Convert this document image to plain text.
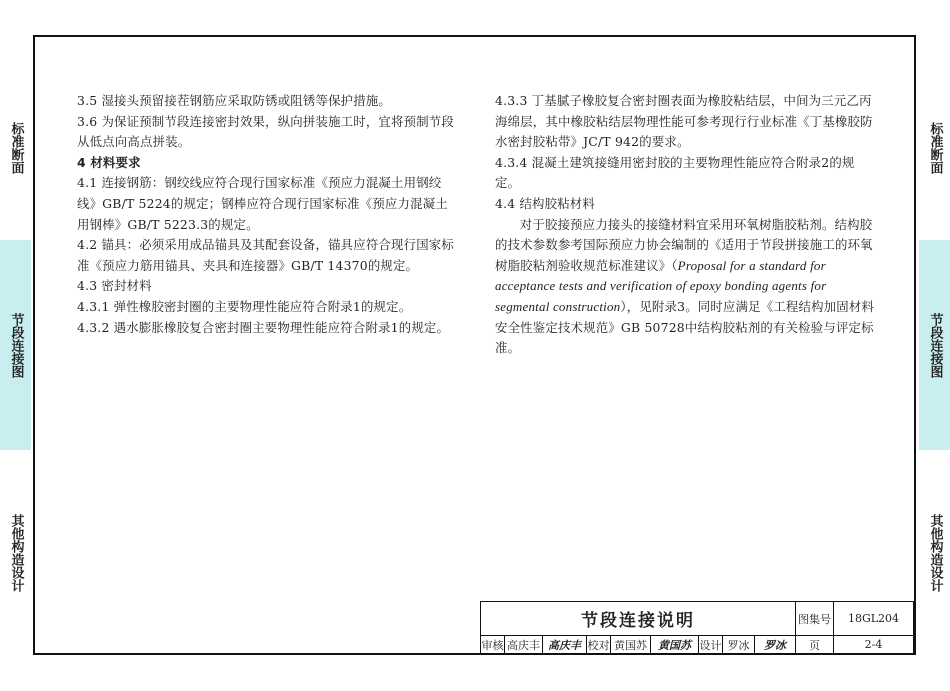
标准断面
节段连接图
其他构造设计
标准断面
节段连接图
其他构造设计

3.5 湿接头预留接茬钢筋应采取防锈或阻锈等保护措施。

3.6 为保证预制节段连接密封效果，纵向拼装施工时，宜将预制节段从低点向高点拼装。

4 材料要求

4.1 连接钢筋：钢绞线应符合现行国家标准《预应力混凝土用钢绞线》GB/T 5224的规定；钢棒应符合现行国家标准《预应力混凝土用钢棒》GB/T 5223.3的规定。

4.2 锚具：必须采用成品锚具及其配套设备，锚具应符合现行国家标准《预应力筋用锚具、夹具和连接器》GB/T 14370的规定。

4.3 密封材料

4.3.1 弹性橡胶密封圈的主要物理性能应符合附录1的规定。

4.3.2 遇水膨胀橡胶复合密封圈主要物理性能应符合附录1的规定。

4.3.3 丁基腻子橡胶复合密封圈表面为橡胶粘结层，中间为三元乙丙海绵层，其中橡胶粘结层物理性能可参考现行行业标准《丁基橡胶防水密封胶粘带》JC/T 942的要求。

4.3.4 混凝土建筑接缝用密封胶的主要物理性能应符合附录2的规定。

4.4 结构胶粘材料

对于胶接预应力接头的接缝材料宜采用环氧树脂胶粘剂。结构胶的技术参数参考国际预应力协会编制的《适用于节段拼接施工的环氧树脂胶粘剂验收规范标准建议》（Proposal for a standard for acceptance tests and verification of epoxy bonding agents for segmental construction），见附录3。同时应满足《工程结构加固材料安全性鉴定技术规范》GB 50728中结构胶粘剂的有关检验与评定标准。

节段连接说明	图集号	18GL204
审核 高庆丰 高庆丰 校对 黄国苏	黄国苏 设计 罗冰	罗冰	页	2-4
